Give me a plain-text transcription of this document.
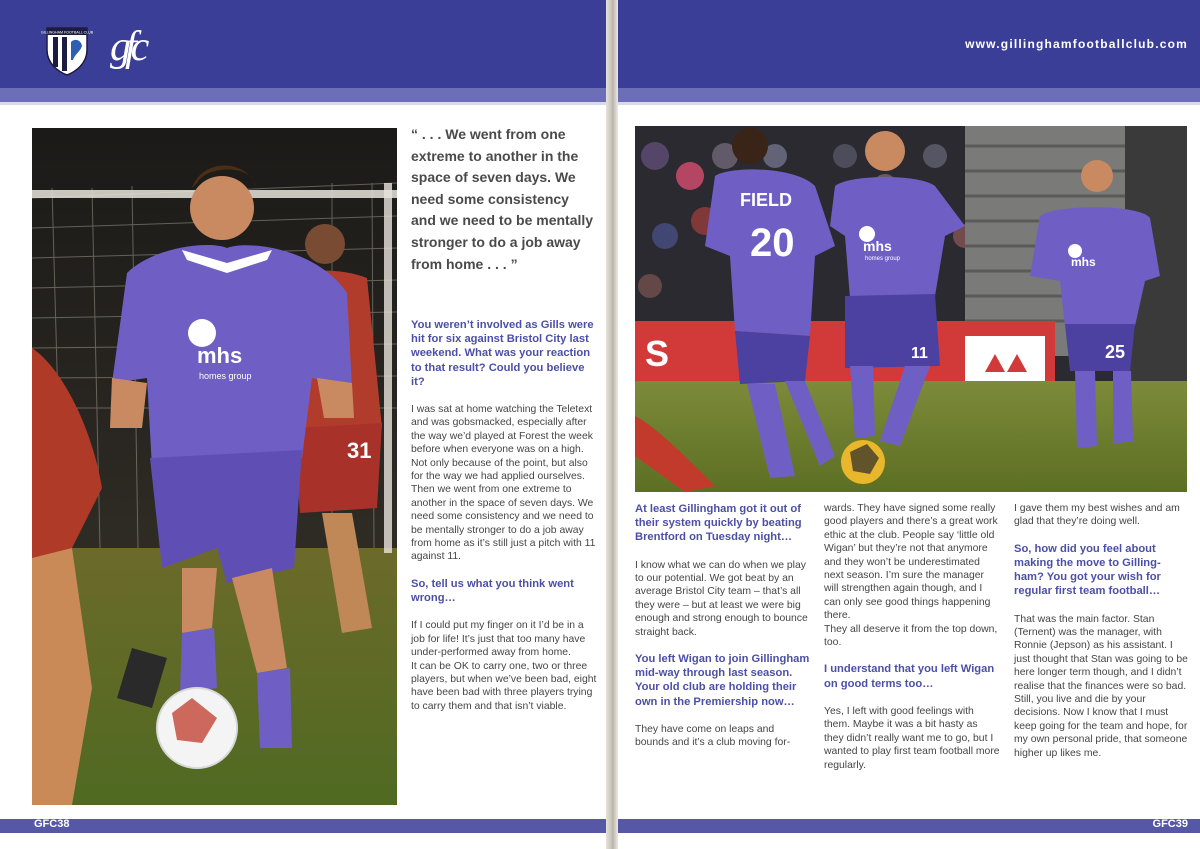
GILLINGHAM FOOTBALL CLUB gfc
31
mhs
homes group
“ . . . We went from one extreme to another in the space of seven days. We need some consistency and we need to be mentally stronger to do a job away from home . . . ”
You weren’t involved as Gills were hit for six against Bristol City last weekend. What was your reaction to that result? Could you believe it?
I was sat at home watching the Teletext and was gobsmacked, especially after the way we’d played at Forest the week before when everyone was on a high. Not only because of the point, but also for the way we had applied ourselves.
Then we went from one extreme to another in the space of seven days. We need some consistency and we need to be mentally stronger to do a job away from home as it’s still just a pitch with 11 against 11.
So, tell us what you think went wrong…
If I could put my finger on it I’d be in a job for life! It’s just that too many have under-performed away from home.
It can be OK to carry one, two or three players, but when we’ve been bad, eight have been bad with three players trying to carry them and that isn’t viable.
GFC38
www.gillinghamfootballclub.com
S
FIELD
20	mhs
homes group
11
mhs
25
At least Gillingham got it out of their system quickly by beating Brentford on Tuesday night…
I know what we can do when we play to our potential. We got beat by an average Bristol City team – that’s all they were – but at least we were big enough and strong enough to bounce straight back.
You left Wigan to join Gillingham mid-way through last season. Your old club are holding their own in the Premiership now…
They have come on leaps and bounds and it’s a club moving for-
wards. They have signed some really good players and there’s a great work ethic at the club. People say ‘little old Wigan’ but they’re not that anymore and they won’t be underestimated next season. I’m sure the manager will strengthen again though, and I can only see good things happening there.
They all deserve it from the top down, too.
I understand that you left Wigan on good terms too…
Yes, I left with good feelings with them. Maybe it was a bit hasty as they didn’t really want me to go, but I wanted to play first team football more regularly.
I gave them my best wishes and am glad that they’re doing well.
So, how did you feel about making the move to Gilling-ham? You got your wish for regular first team football…
That was the main factor. Stan (Ternent) was the manager, with Ronnie (Jepson) as his assistant. I just thought that Stan was going to be here longer term though, and I didn’t realise that the finances were so bad.
Still, you live and die by your decisions. Now I know that I must keep going for the team and hope, for my own personal pride, that someone higher up likes me.
GFC39
